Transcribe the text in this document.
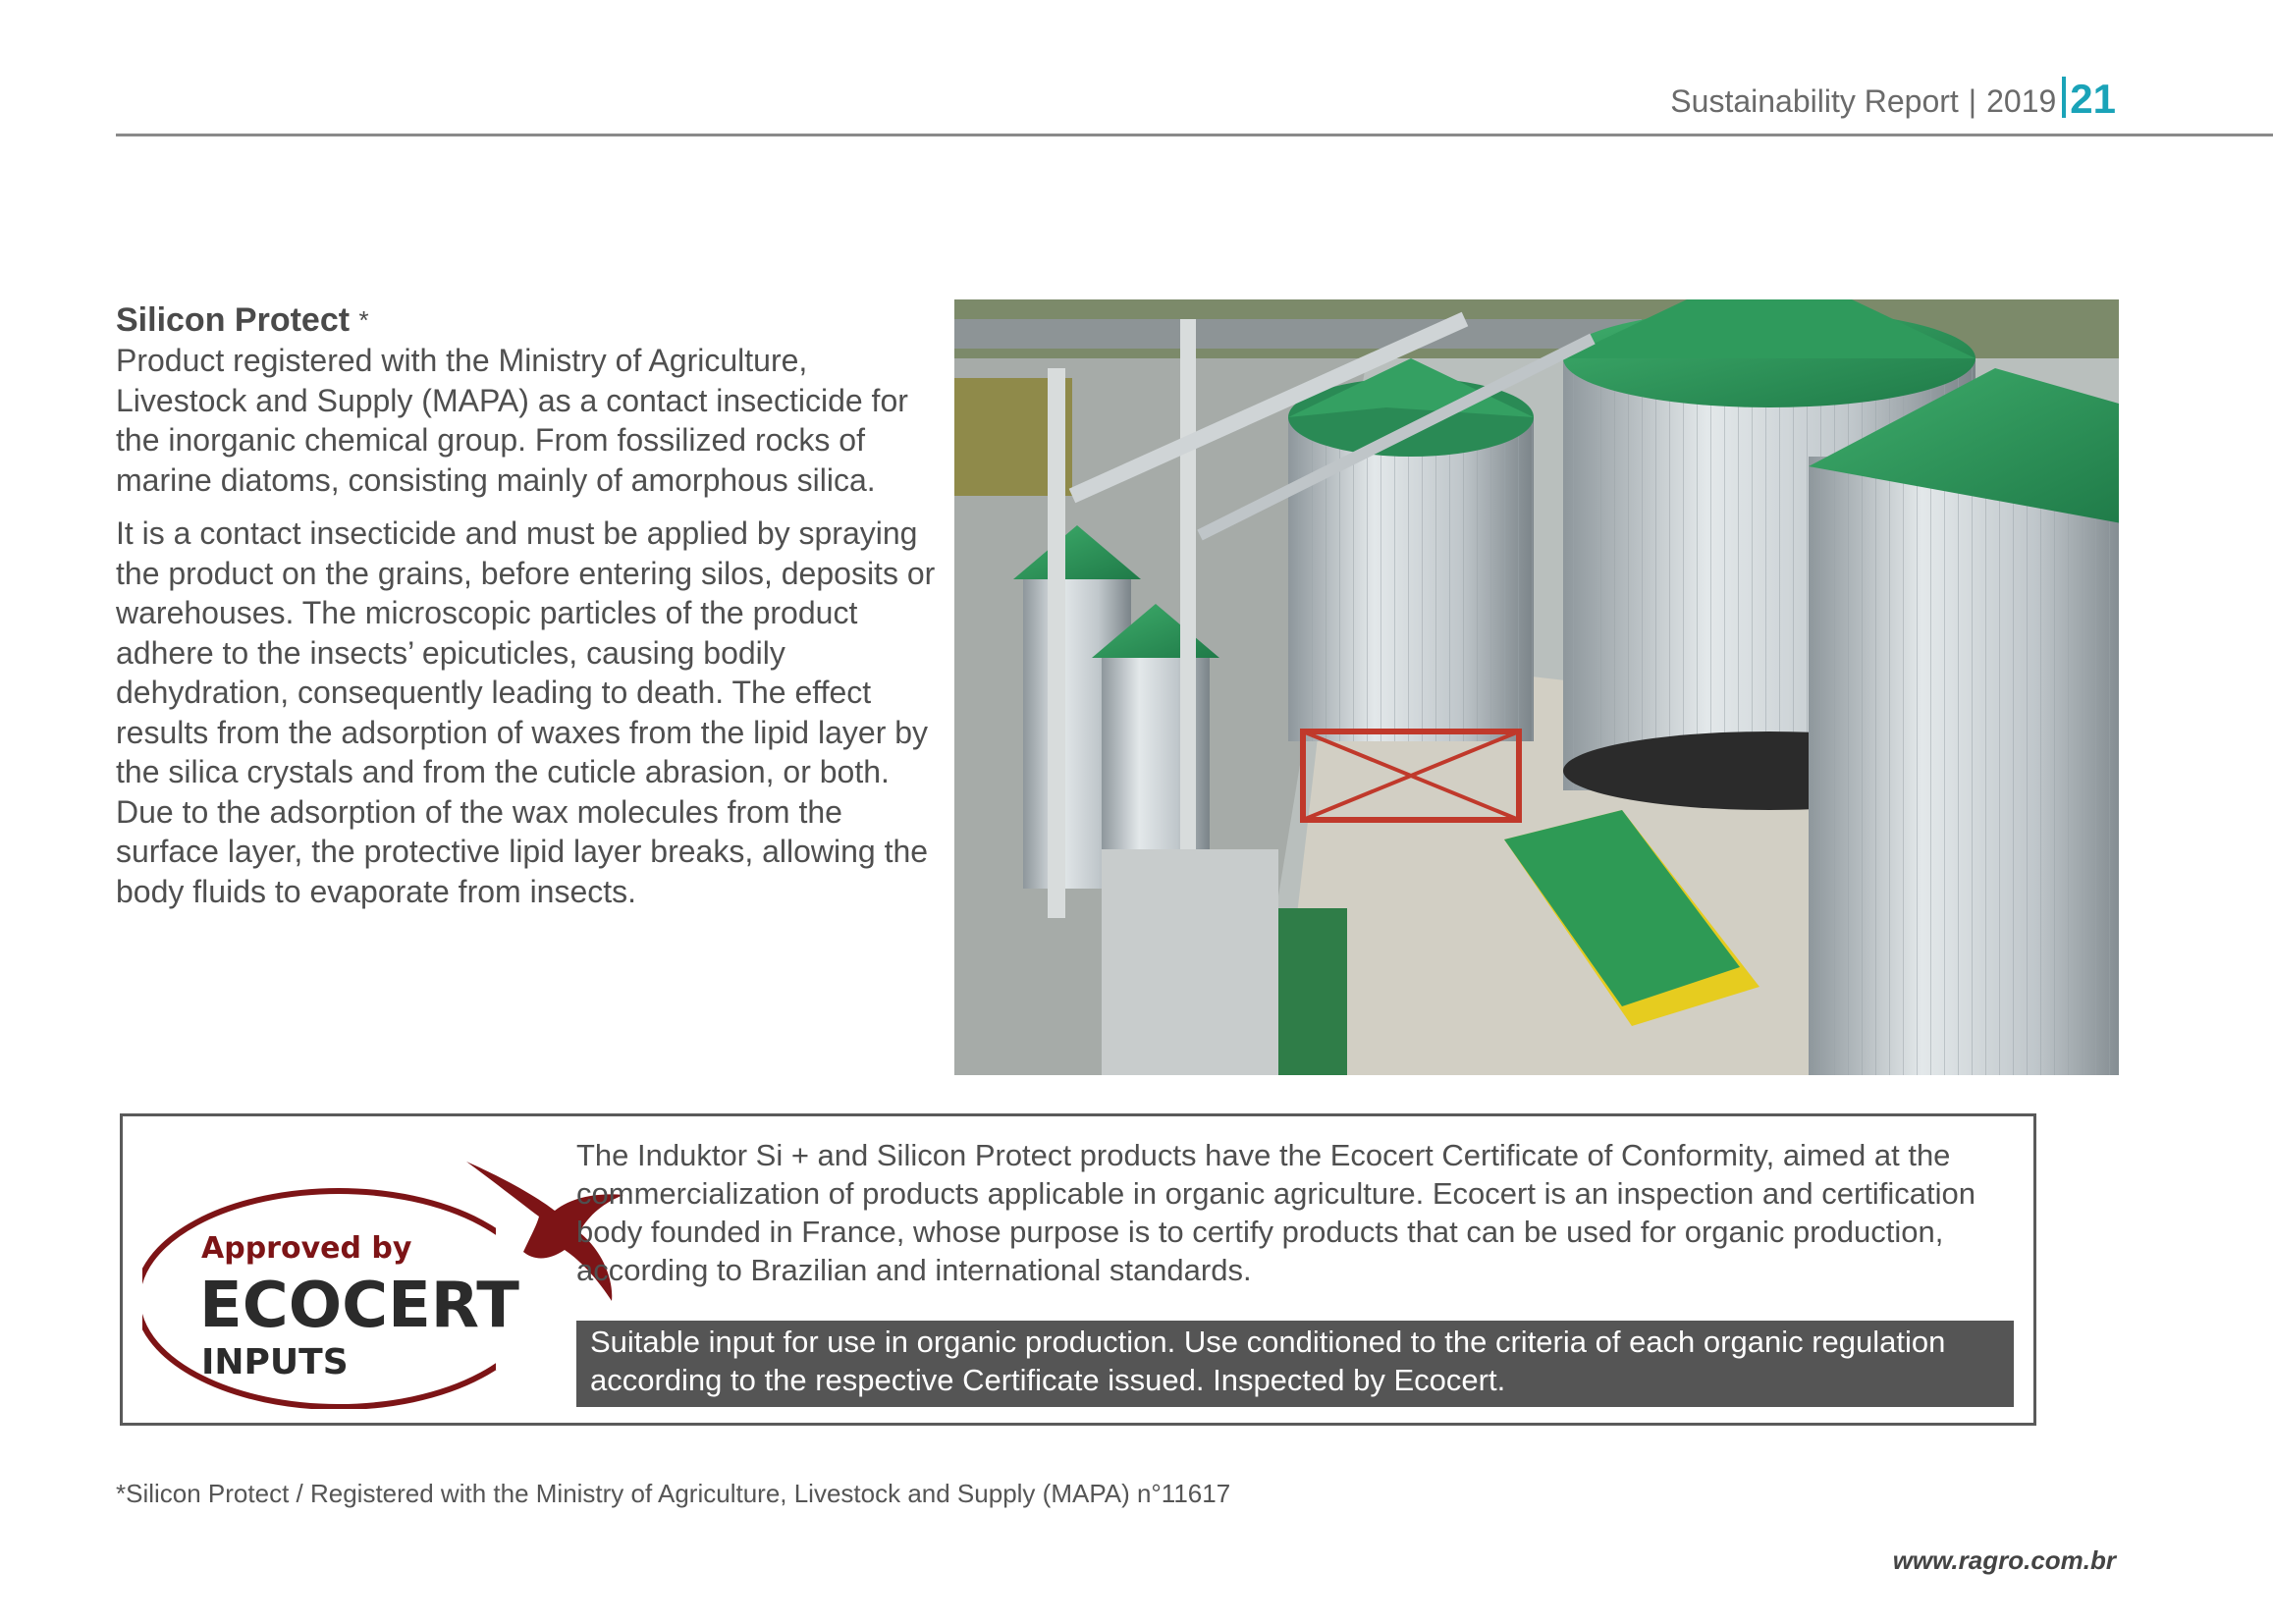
Sustainability Report | 2019 21
Silicon Protect *

Product registered with the Ministry of Agriculture, Livestock and Supply (MAPA) as a contact insecticide for the inorganic chemical group. From fossilized rocks of marine diatoms, consisting mainly of amorphous silica.

It is a contact insecticide and must be applied by spraying the product on the grains, before entering silos, deposits or warehouses. The microscopic particles of the product adhere to the insects’ epicuticles, causing bodily dehydration, consequently leading to death. The effect results from the adsorption of waxes from the lipid layer by the silica crystals and from the cuticle abrasion, or both. Due to the adsorption of the wax molecules from the surface layer, the protective lipid layer breaks, allowing the body fluids to evaporate from insects.

Approved by
ECOCERT
INPUTS
The Induktor Si + and Silicon Protect products have the Ecocert Certificate of Conformity, aimed at the commercialization of products applicable in organic agriculture. Ecocert is an inspection and certification body founded in France, whose purpose is to certify products that can be used for organic production, according to Brazilian and international standards.
Suitable input for use in organic production. Use conditioned to the criteria of each organic regulation according to the respective Certificate issued. Inspected by Ecocert.
*Silicon Protect / Registered with the Ministry of Agriculture, Livestock and Supply (MAPA) n°11617
www.ragro.com.br
